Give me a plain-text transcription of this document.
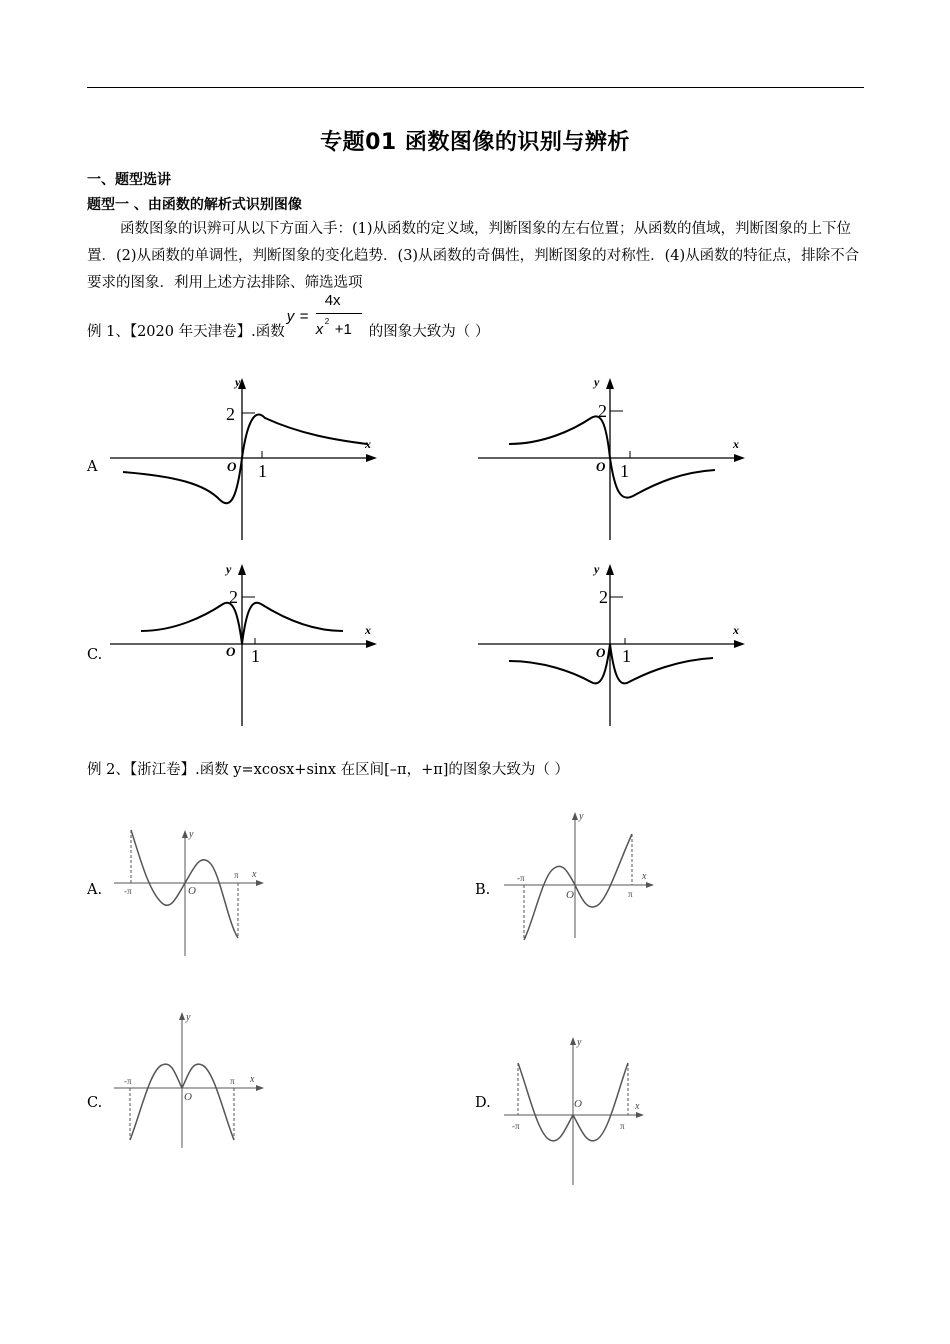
专题01 函数图像的识别与辨析
一、题型选讲
题型一 、由函数的解析式识别图像
函数图象的识辨可从以下方面入手：(1)从函数的定义域，判断图象的左右位置；从函数的值域，判断图象的上下位置．(2)从函数的单调性，判断图象的变化趋势．(3)从函数的奇偶性，判断图象的对称性．(4)从函数的特征点，排除不合要求的图象．利用上述方法排除、筛选选项
例 1、【2020 年天津卷】.函数
y =
4x
x 2 +1 的图象大致为（ ）
A
C.
y
x
O 1
2
y
x
O 1
2
y
x
O 1
2
y
x
O 1
2
例 2、【浙江卷】.函数 y=xcosx+sinx 在区间[–π，+π]的图象大致为（ ）
A.	B.
C.	D.
y
x
O
-π
π
y
x
O
-π
π
y
x
O
-π	π
y
x
O
-π	π
